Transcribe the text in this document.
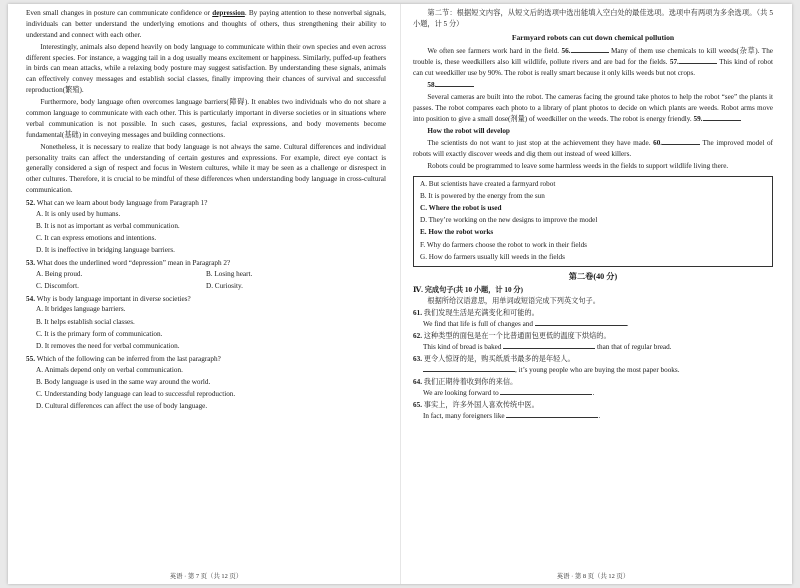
Even small changes in posture can communicate confidence or depression. By paying attention to these nonverbal signals, individuals can better understand the underlying emotions and thoughts of others, thus strengthening their ability to understand and connect with each other.

Interestingly, animals also depend heavily on body language to communicate within their own species and even across different species. For instance, a wagging tail in a dog usually means excitement or happiness. Similarly, puffed-up feathers in birds can mean attacks, while a relaxing body posture may suggest satisfaction. By understanding these signals, animals can effectively convey messages and establish social classes, finally improving their chances of survival and successful reproduction(繁殖).

Furthermore, body language often overcomes language barriers(障碍). It enables two individuals who do not share a common language to communicate with each other. This is particularly important in diverse societies or in situations where verbal communication is not possible. In such cases, gestures, facial expressions, and body movements become fundamental(基础) in conveying messages and building connections.

Nonetheless, it is necessary to realize that body language is not always the same. Cultural differences and individual personality traits can affect the understanding of certain gestures and expressions. For example, direct eye contact is generally considered a sign of respect and focus in Western cultures, while it may be seen as a challenge or disrespect in other cultures. Therefore, it is crucial to be mindful of these differences when understanding body language in cross-cultural communication.

52. What can we learn about body language from Paragraph 1?
A. It is only used by humans.
B. It is not as important as verbal communication.
C. It can express emotions and intentions.
D. It is ineffective in bridging language barriers.
53. What does the underlined word “depression” mean in Paragraph 2?
A. Being proud.	B. Losing heart.
C. Discomfort.	D. Curiosity.
54. Why is body language important in diverse societies?
A. It bridges language barriers.
B. It helps establish social classes.
C. It is the primary form of communication.
D. It removes the need for verbal communication.
55. Which of the following can be inferred from the last paragraph?
A. Animals depend only on verbal communication.
B. Body language is used in the same way around the world.
C. Understanding body language can lead to successful reproduction.
D. Cultural differences can affect the use of body language.
英语 · 第 7 页（共 12 页）

第二节：根据短文内容，从短文后的选项中选出能填入空白处的最佳选项。选项中有两项为多余选项。（共 5 小题，计 5 分）

Farmyard robots can cut down chemical pollution

We often see farmers work hard in the field. 56.	Many of them use chemicals to kill weeds(杂草). The trouble is, these weedkillers also kill wildlife, pollute rivers and are bad for the fields. 57.	This kind of robot can cut weedkiller use by 90%. The robot is really smart because it only kills weeds but not crops.

58.

Several cameras are built into the robot. The cameras facing the ground take photos to help the robot “see” the plants it passes. The robot compares each photo to a library of plant photos to decide on which plants are weeds. Robot arms move into position to give a small dose(剂量) of weedkiller on the weeds. The robot is energy friendly. 59.

How the robot will develop

The scientists do not want to just stop at the achievement they have made. 60.	The improved model of robots will exactly discover weeds and dig them out instead of weed killers.

Robots could be programmed to leave some harmless weeds in the fields to support wildlife living there.

A. But scientists have created a farmyard robot
B. It is powered by the energy from the sun
C. Where the robot is used
D. They’re working on the new designs to improve the model
E. How the robot works
F. Why do farmers choose the robot to work in their fields
G. How do farmers usually kill weeds in the fields
第二卷(40 分)
Ⅳ. 完成句子(共 10 小题，计 10 分)

根据所给汉语意思，用单词或短语完成下列英文句子。

61. 我们发现生活是充满变化和可能的。
We find that life is full of changes and	.
62. 这种类型的面包是在一个比普通面包更低的温度下烘焙的。
This kind of bread is baked	than that of regular bread.
63. 更令人惊讶的是，购买纸质书最多的是年轻人。
, it’s young people who are buying the most paper books.
64. 我们正期待着收到你的来信。
We are looking forward to	.
65. 事实上，许多外国人喜欢传统中医。
In fact, many foreigners like	.
英语 · 第 8 页（共 12 页）
